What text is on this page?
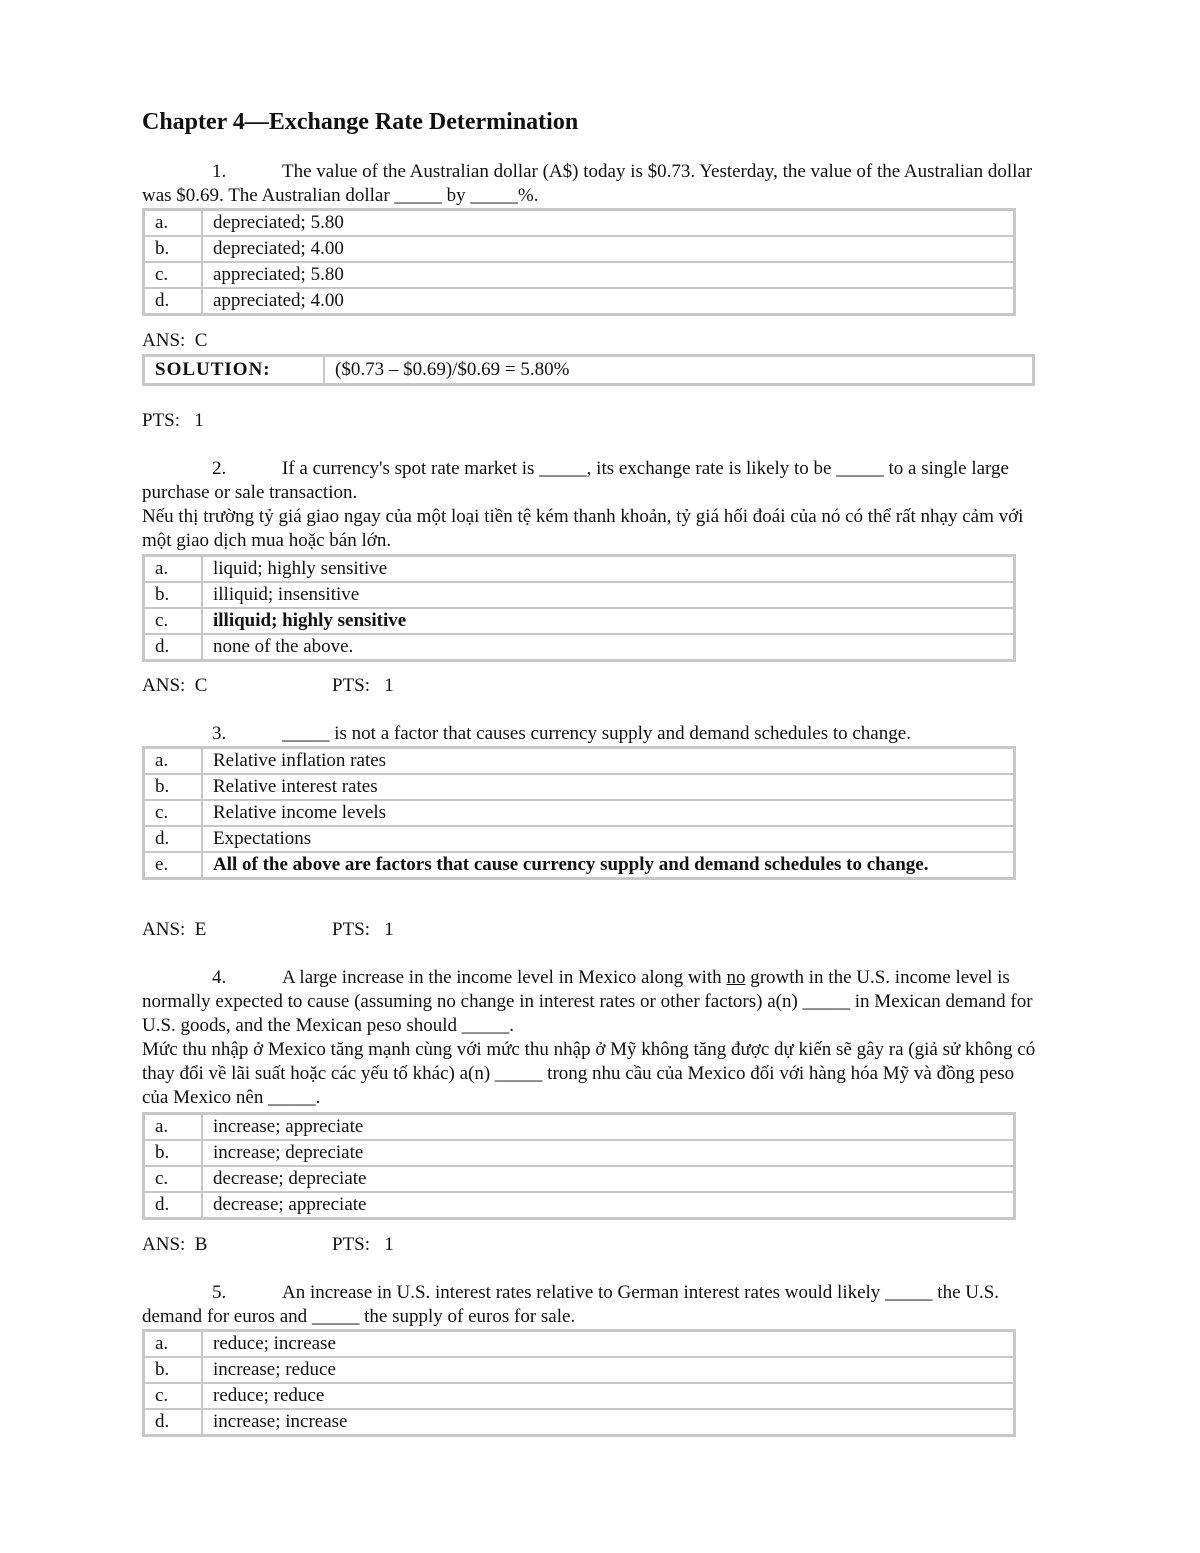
Chapter 4—Exchange Rate Determination

1.	The value of the Australian dollar (A$) today is $0.73. Yesterday, the value of the Australian dollar was $0.69. The Australian dollar _____ by _____%.

a.	depreciated; 5.80
b.	depreciated; 4.00
c.	appreciated; 5.80
d.	appreciated; 4.00

ANS:  C

SOLUTION:	($0.73 – $0.69)/$0.69 = 5.80%

PTS:   1

2.	If a currency's spot rate market is _____, its exchange rate is likely to be _____ to a single large purchase or sale transaction.
Nếu thị trường tỷ giá giao ngay của một loại tiền tệ kém thanh khoản, tỷ giá hối đoái của nó có thể rất nhạy cảm với một giao dịch mua hoặc bán lớn.

a.	liquid; highly sensitive
b.	illiquid; insensitive
c.	illiquid; highly sensitive
d.	none of the above.

ANS:  C	PTS:   1

3.	_____ is not a factor that causes currency supply and demand schedules to change.

a.	Relative inflation rates
b.	Relative interest rates
c.	Relative income levels
d.	Expectations
e.	All of the above are factors that cause currency supply and demand schedules to change.

ANS:  E	PTS:   1

4.	A large increase in the income level in Mexico along with no growth in the U.S. income level is normally expected to cause (assuming no change in interest rates or other factors) a(n) _____ in Mexican demand for U.S. goods, and the Mexican peso should _____.
Mức thu nhập ở Mexico tăng mạnh cùng với mức thu nhập ở Mỹ không tăng được dự kiến sẽ gây ra (giả sử không có thay đổi về lãi suất hoặc các yếu tố khác) a(n) _____ trong nhu cầu của Mexico đối với hàng hóa Mỹ và đồng peso của Mexico nên _____.

a.	increase; appreciate
b.	increase; depreciate
c.	decrease; depreciate
d.	decrease; appreciate

ANS:  B	PTS:   1

5.	An increase in U.S. interest rates relative to German interest rates would likely _____ the U.S. demand for euros and _____ the supply of euros for sale.

a.	reduce; increase
b.	increase; reduce
c.	reduce; reduce
d.	increase; increase
